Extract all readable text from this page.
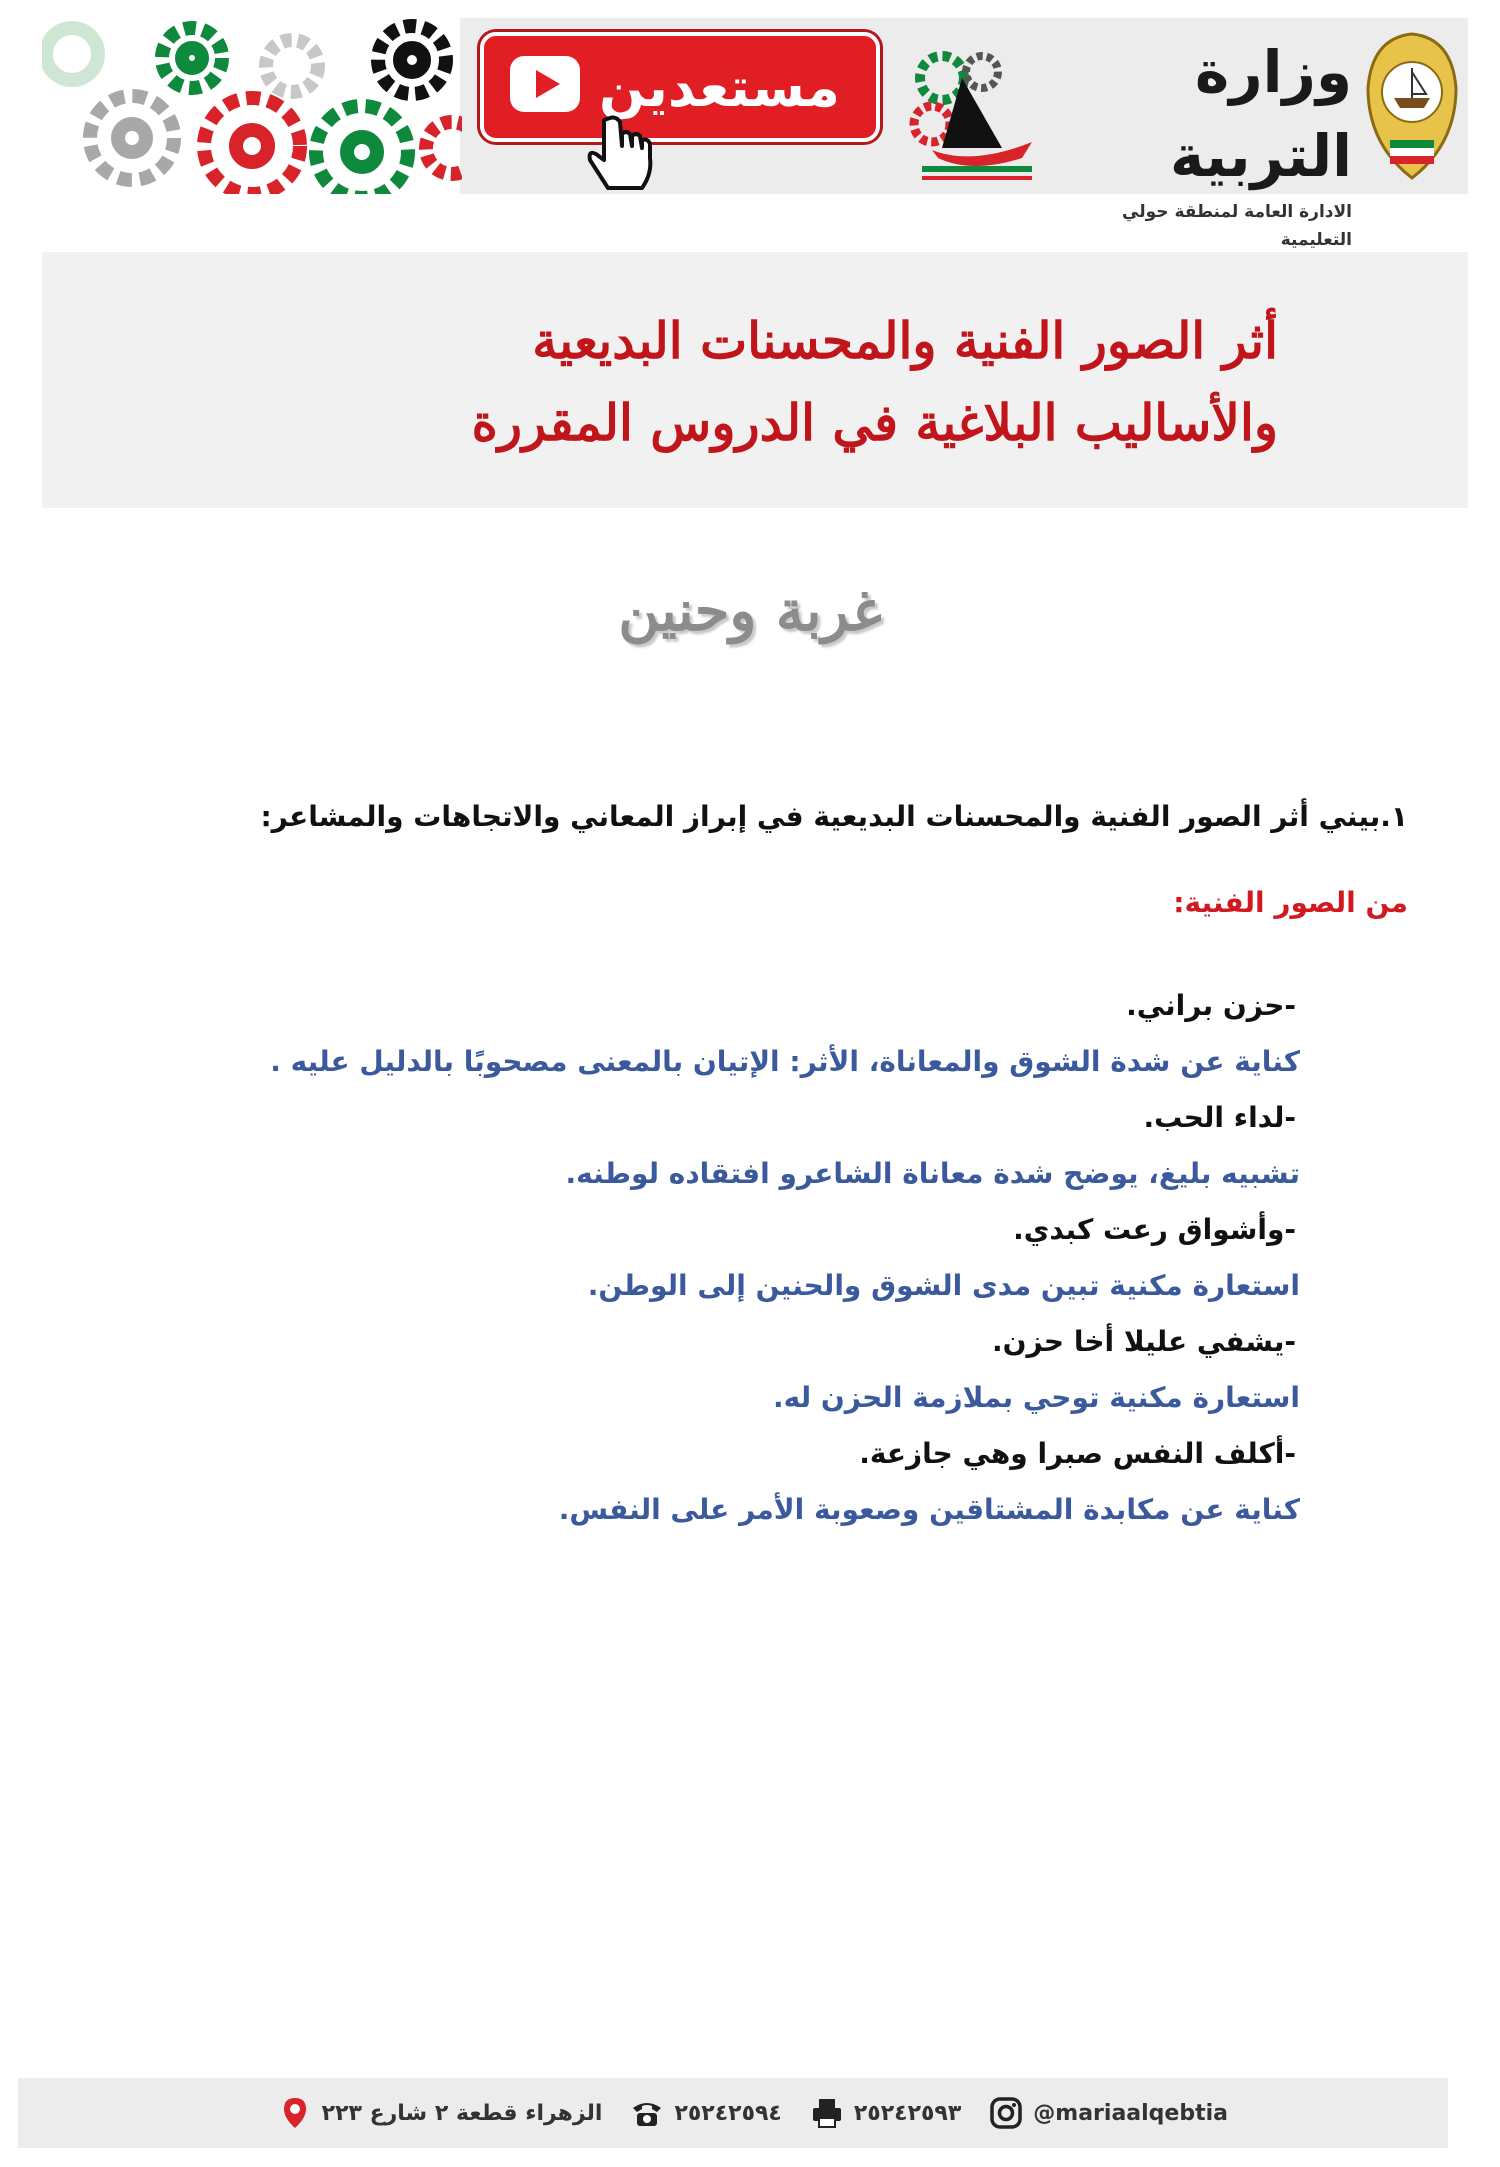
مستعدين	وزارة التربية
الادارة العامة لمنطقة حولي التعليمية
أثر الصور الفنية والمحسنات البديعية
والأساليب البلاغية في الدروس المقررة
غربة وحنين
١.بيني أثر الصور الفنية والمحسنات البديعية في إبراز المعاني والاتجاهات والمشاعر:
من الصور الفنية:
-حزن براني.
كناية عن شدة الشوق والمعاناة، الأثر: الإتيان بالمعنى مصحوبًا بالدليل عليه .
-لداء الحب.
تشبيه بليغ، يوضح شدة معاناة الشاعرو افتقاده لوطنه.
-وأشواق رعت كبدي.
استعارة مكنية تبين مدى الشوق والحنين إلى الوطن.
-يشفي عليلا أخا حزن.
استعارة مكنية توحي بملازمة الحزن له.
-أكلف النفس صبرا وهي جازعة.
كناية عن مكابدة المشتاقين وصعوبة الأمر على النفس.
الزهراء قطعة ٢ شارع ٢٢٣	٢٥٢٤٢٥٩٤	٢٥٢٤٢٥٩٣	@mariaalqebtia
